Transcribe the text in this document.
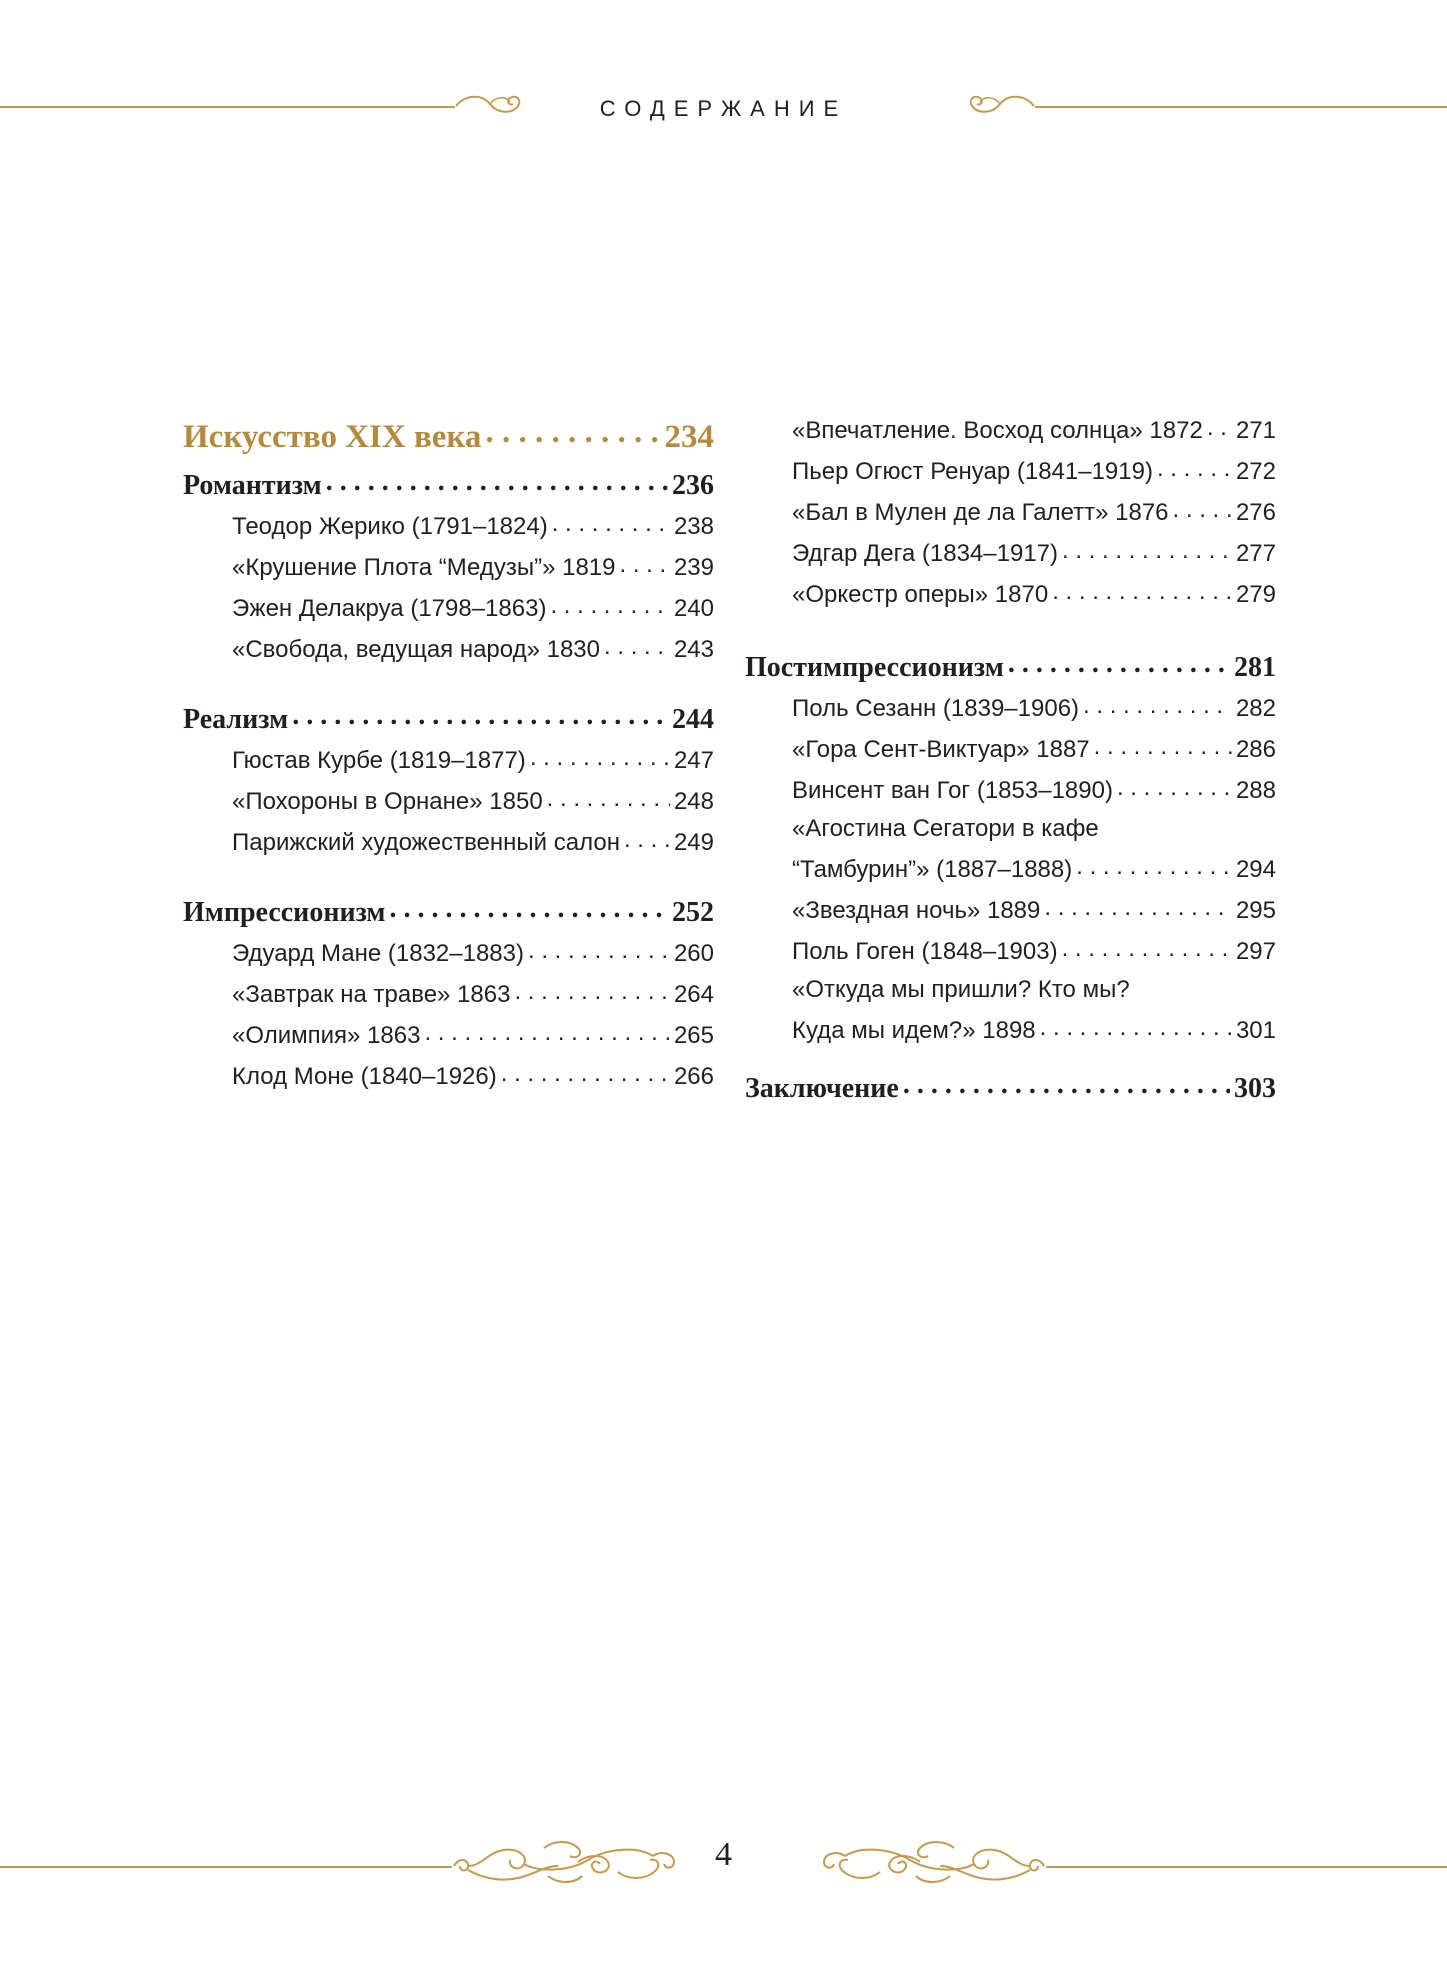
СОДЕРЖАНИЕ
Искусство XIX века . . .	234
Романтизм . . .	236
Теодор Жерико (1791–1824) . . .	238
«Крушение Плота “Медузы”» 1819 . . . 239
Эжен Делакруа (1798–1863) . . .	240
«Свобода, ведущая народ» 1830 . . .	243
Реализм . . .	244
Гюстав Курбе (1819–1877) . . .	247
«Похороны в Орнане» 1850 . . .	248
Парижский художественный салон . . . 249
Импрессионизм . . .	252
Эдуард Мане (1832–1883) . . .	260
«Завтрак на траве» 1863 . . .	264
«Олимпия» 1863 . . .	265
Клод Моне (1840–1926) . . .	266
«Впечатление. Восход солнца» 1872 . . . 271
Пьер Огюст Ренуар (1841–1919) . . .	272
«Бал в Мулен де ла Галетт» 1876 . . .	276
Эдгар Дега (1834–1917) . . .	277
«Оркестр оперы» 1870 . . .	279
Постимпрессионизм . . .	281
Поль Сезанн (1839–1906) . . .	282
«Гора Сент-Виктуар» 1887 . . .	286
Винсент ван Гог (1853–1890) . . .	288
«Агостина Сегатори в кафе
“Тамбурин”» (1887–1888) . . .	294
«Звездная ночь» 1889 . . .	295
Поль Гоген (1848–1903) . . .	297
«Откуда мы пришли? Кто мы?
Куда мы идем?» 1898 . . .	301
Заключение . . .	303
4
